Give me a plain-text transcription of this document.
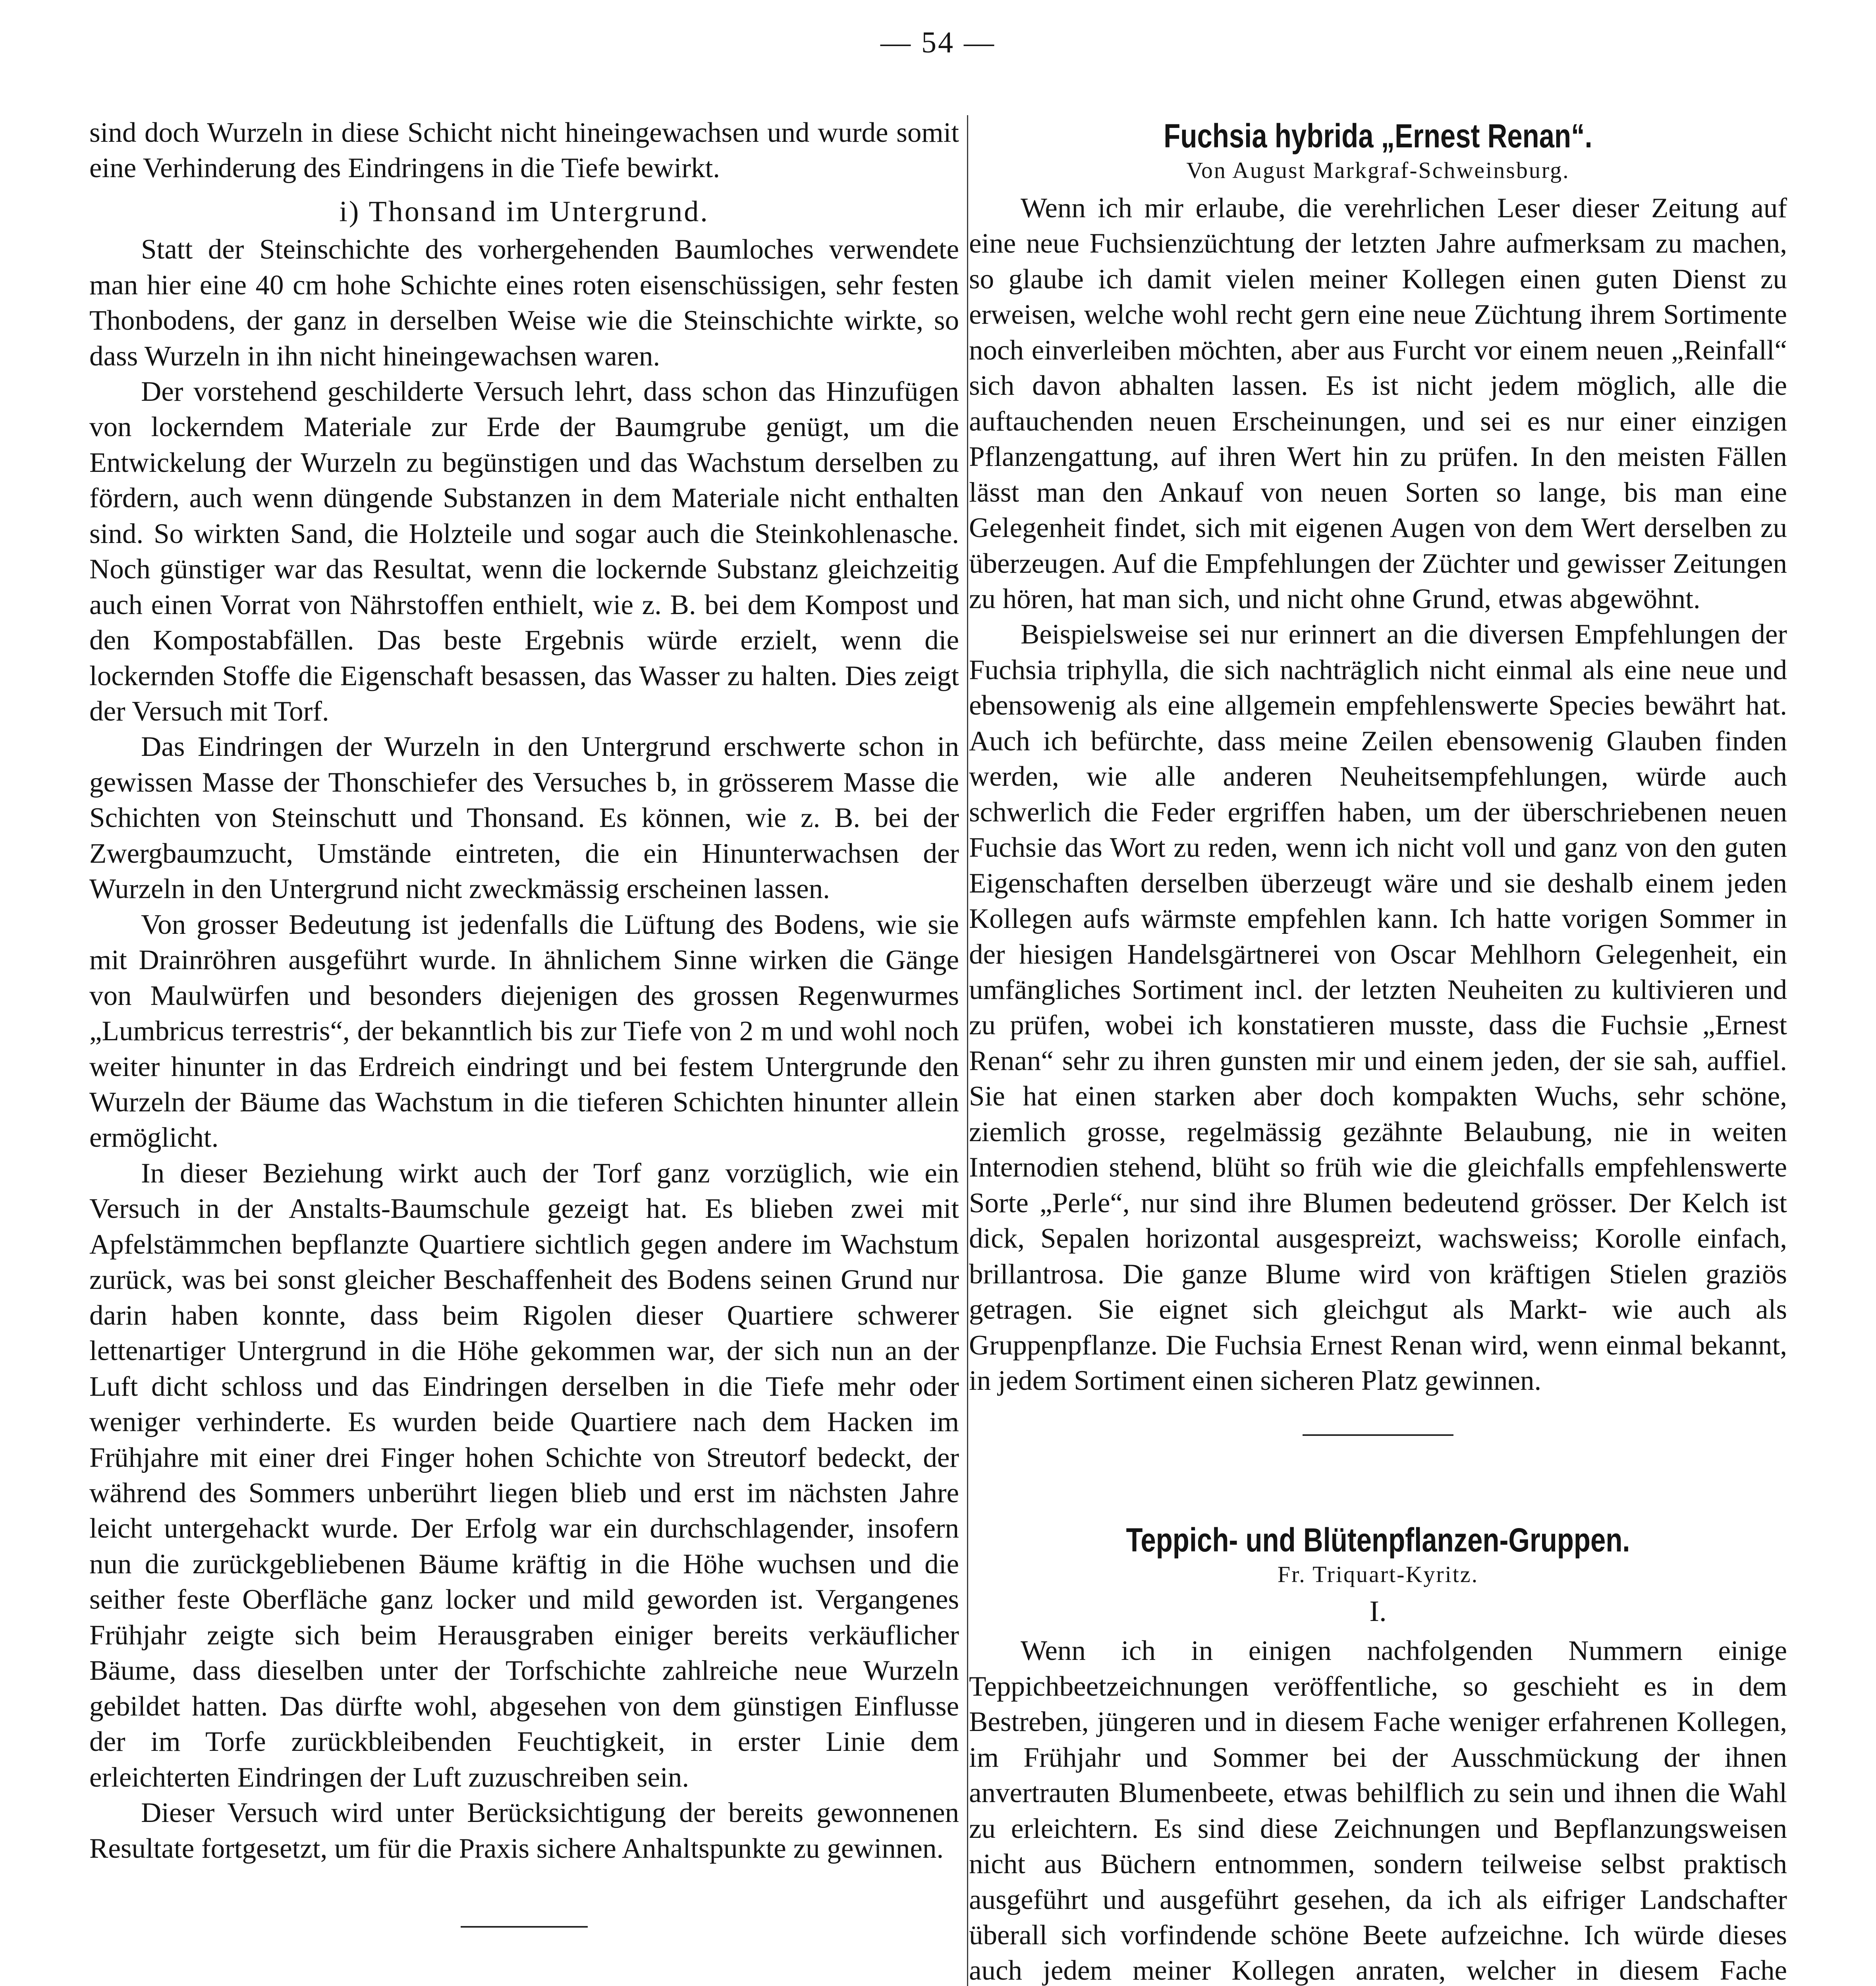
— 54 —

sind doch Wurzeln in diese Schicht nicht hineingewachsen und wurde somit eine Verhinderung des Eindringens in die Tiefe bewirkt.

i) Thonsand im Untergrund.

Statt der Steinschichte des vorhergehenden Baumloches verwendete man hier eine 40 cm hohe Schichte eines roten eisenschüssigen, sehr festen Thonbodens, der ganz in derselben Weise wie die Steinschichte wirkte, so dass Wurzeln in ihn nicht hineingewachsen waren.

Der vorstehend geschilderte Versuch lehrt, dass schon das Hinzufügen von lockerndem Materiale zur Erde der Baumgrube genügt, um die Entwickelung der Wurzeln zu begünstigen und das Wachstum derselben zu fördern, auch wenn düngende Substanzen in dem Materiale nicht enthalten sind. So wirkten Sand, die Holzteile und sogar auch die Steinkohlenasche. Noch günstiger war das Resultat, wenn die lockernde Substanz gleichzeitig auch einen Vorrat von Nährstoffen enthielt, wie z. B. bei dem Kompost und den Kompostabfällen. Das beste Ergebnis würde erzielt, wenn die lockernden Stoffe die Eigenschaft besassen, das Wasser zu halten. Dies zeigt der Versuch mit Torf.

Das Eindringen der Wurzeln in den Untergrund erschwerte schon in gewissen Masse der Thonschiefer des Versuches b, in grösserem Masse die Schichten von Steinschutt und Thonsand. Es können, wie z. B. bei der Zwergbaumzucht, Umstände eintreten, die ein Hinunterwachsen der Wurzeln in den Untergrund nicht zweckmässig erscheinen lassen.

Von grosser Bedeutung ist jedenfalls die Lüftung des Bodens, wie sie mit Drainröhren ausgeführt wurde. In ähnlichem Sinne wirken die Gänge von Maulwürfen und besonders diejenigen des grossen Regenwurmes „Lumbricus terrestris“, der bekanntlich bis zur Tiefe von 2 m und wohl noch weiter hinunter in das Erdreich eindringt und bei festem Untergrunde den Wurzeln der Bäume das Wachstum in die tieferen Schichten hinunter allein ermöglicht.

In dieser Beziehung wirkt auch der Torf ganz vorzüglich, wie ein Versuch in der Anstalts-Baumschule gezeigt hat. Es blieben zwei mit Apfelstämmchen bepflanzte Quartiere sichtlich gegen andere im Wachstum zurück, was bei sonst gleicher Beschaffenheit des Bodens seinen Grund nur darin haben konnte, dass beim Rigolen dieser Quartiere schwerer lettenartiger Untergrund in die Höhe gekommen war, der sich nun an der Luft dicht schloss und das Eindringen derselben in die Tiefe mehr oder weniger verhinderte. Es wurden beide Quartiere nach dem Hacken im Frühjahre mit einer drei Finger hohen Schichte von Streutorf bedeckt, der während des Sommers unberührt liegen blieb und erst im nächsten Jahre leicht untergehackt wurde. Der Erfolg war ein durchschlagender, insofern nun die zurückgebliebenen Bäume kräftig in die Höhe wuchsen und die seither feste Oberfläche ganz locker und mild geworden ist. Vergangenes Frühjahr zeigte sich beim Herausgraben einiger bereits verkäuflicher Bäume, dass dieselben unter der Torfschichte zahlreiche neue Wurzeln gebildet hatten. Das dürfte wohl, abgesehen von dem günstigen Einflusse der im Torfe zurückbleibenden Feuchtigkeit, in erster Linie dem erleichterten Eindringen der Luft zuzuschreiben sein.

Dieser Versuch wird unter Berücksichtigung der bereits gewonnenen Resultate fortgesetzt, um für die Praxis sichere Anhaltspunkte zu gewinnen.

Fuchsia hybrida „Ernest Renan“.
Von August Markgraf-Schweinsburg.

Wenn ich mir erlaube, die verehrlichen Leser dieser Zeitung auf eine neue Fuchsienzüchtung der letzten Jahre aufmerksam zu machen, so glaube ich damit vielen meiner Kollegen einen guten Dienst zu erweisen, welche wohl recht gern eine neue Züchtung ihrem Sortimente noch einverleiben möchten, aber aus Furcht vor einem neuen „Reinfall“ sich davon abhalten lassen. Es ist nicht jedem möglich, alle die auftauchenden neuen Erscheinungen, und sei es nur einer einzigen Pflanzengattung, auf ihren Wert hin zu prüfen. In den meisten Fällen lässt man den Ankauf von neuen Sorten so lange, bis man eine Gelegenheit findet, sich mit eigenen Augen von dem Wert derselben zu überzeugen. Auf die Empfehlungen der Züchter und gewisser Zeitungen zu hören, hat man sich, und nicht ohne Grund, etwas abgewöhnt.

Beispielsweise sei nur erinnert an die diversen Empfehlungen der Fuchsia triphylla, die sich nachträglich nicht einmal als eine neue und ebensowenig als eine allgemein empfehlenswerte Species bewährt hat. Auch ich befürchte, dass meine Zeilen ebensowenig Glauben finden werden, wie alle anderen Neuheitsempfehlungen, würde auch schwerlich die Feder ergriffen haben, um der überschriebenen neuen Fuchsie das Wort zu reden, wenn ich nicht voll und ganz von den guten Eigenschaften derselben überzeugt wäre und sie deshalb einem jeden Kollegen aufs wärmste empfehlen kann. Ich hatte vorigen Sommer in der hiesigen Handelsgärtnerei von Oscar Mehlhorn Gelegenheit, ein umfängliches Sortiment incl. der letzten Neuheiten zu kultivieren und zu prüfen, wobei ich konstatieren musste, dass die Fuchsie „Ernest Renan“ sehr zu ihren gunsten mir und einem jeden, der sie sah, auffiel. Sie hat einen starken aber doch kompakten Wuchs, sehr schöne, ziemlich grosse, regelmässig gezähnte Belaubung, nie in weiten Internodien stehend, blüht so früh wie die gleichfalls empfehlenswerte Sorte „Perle“, nur sind ihre Blumen bedeutend grösser. Der Kelch ist dick, Sepalen horizontal ausgespreizt, wachsweiss; Korolle einfach, brillantrosa. Die ganze Blume wird von kräftigen Stielen graziös getragen. Sie eignet sich gleichgut als Markt- wie auch als Gruppenpflanze. Die Fuchsia Ernest Renan wird, wenn einmal bekannt, in jedem Sortiment einen sicheren Platz gewinnen.

Teppich- und Blütenpflanzen-Gruppen.
Fr. Triquart-Kyritz.
I.

Wenn ich in einigen nachfolgenden Nummern einige Teppichbeetzeichnungen veröffentliche, so geschieht es in dem Bestreben, jüngeren und in diesem Fache weniger erfahrenen Kollegen, im Frühjahr und Sommer bei der Ausschmückung der ihnen anvertrauten Blumenbeete, etwas behilflich zu sein und ihnen die Wahl zu erleichtern. Es sind diese Zeichnungen und Bepflanzungsweisen nicht aus Büchern entnommen, sondern teilweise selbst praktisch ausgeführt und ausgeführt gesehen, da ich als eifriger Landschafter überall sich vorfindende schöne Beete aufzeichne. Ich würde dieses auch jedem meiner Kollegen anraten, welcher in diesem Fache
